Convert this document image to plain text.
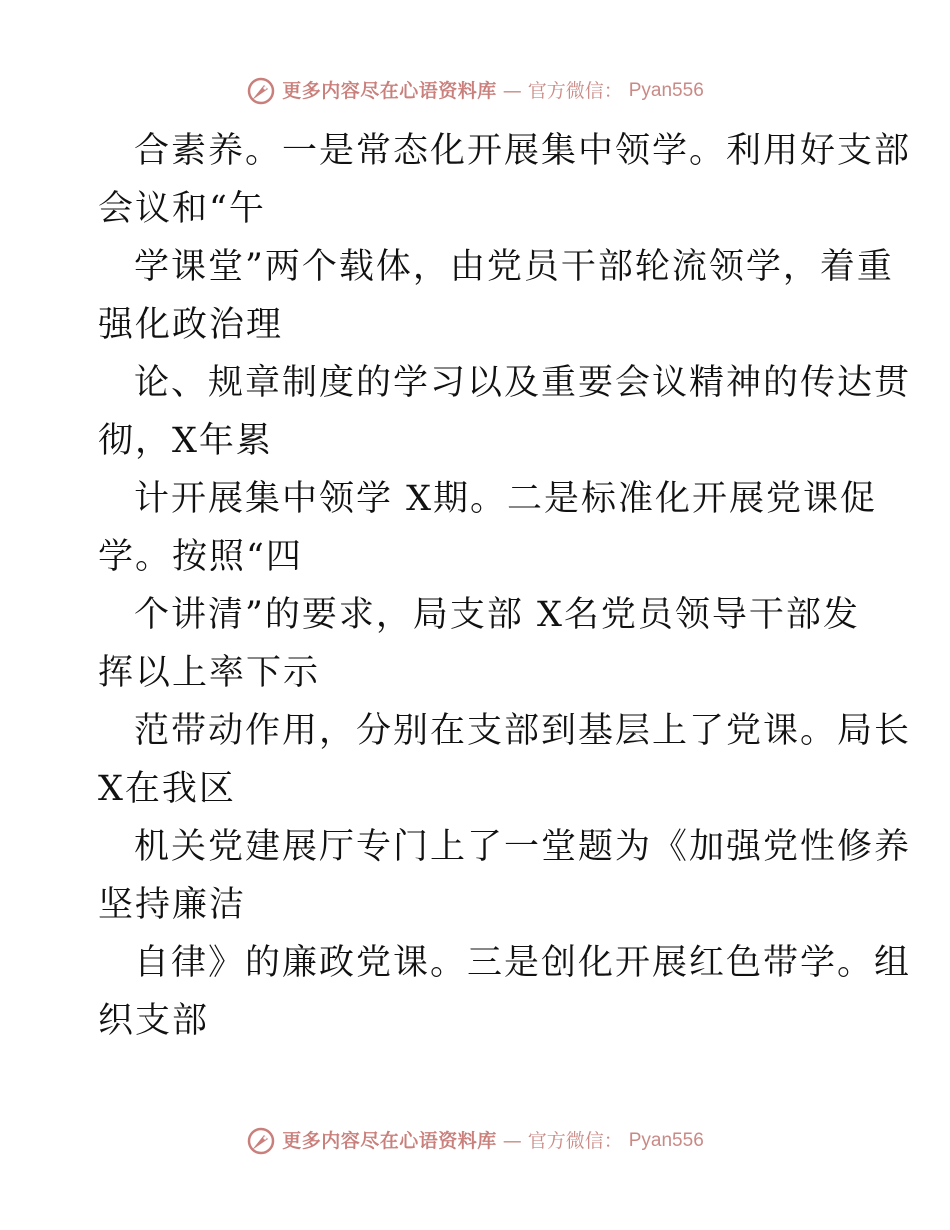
更多内容尽在心语资料库 — 官方微信： Pyan556
合素养。一是常态化开展集中领学。利用好支部
会议和“午
学课堂”两个载体，由党员干部轮流领学，着重
强化政治理
论、规章制度的学习以及重要会议精神的传达贯
彻，X年累
计开展集中领学 X期。二是标准化开展党课促
学。按照“四
个讲清”的要求，局支部 X名党员领导干部发
挥以上率下示
范带动作用，分别在支部到基层上了党课。局长
X在我区
机关党建展厅专门上了一堂题为《加强党性修养
坚持廉洁
自律》的廉政党课。三是创化开展红色带学。组
织支部
更多内容尽在心语资料库 — 官方微信： Pyan556
